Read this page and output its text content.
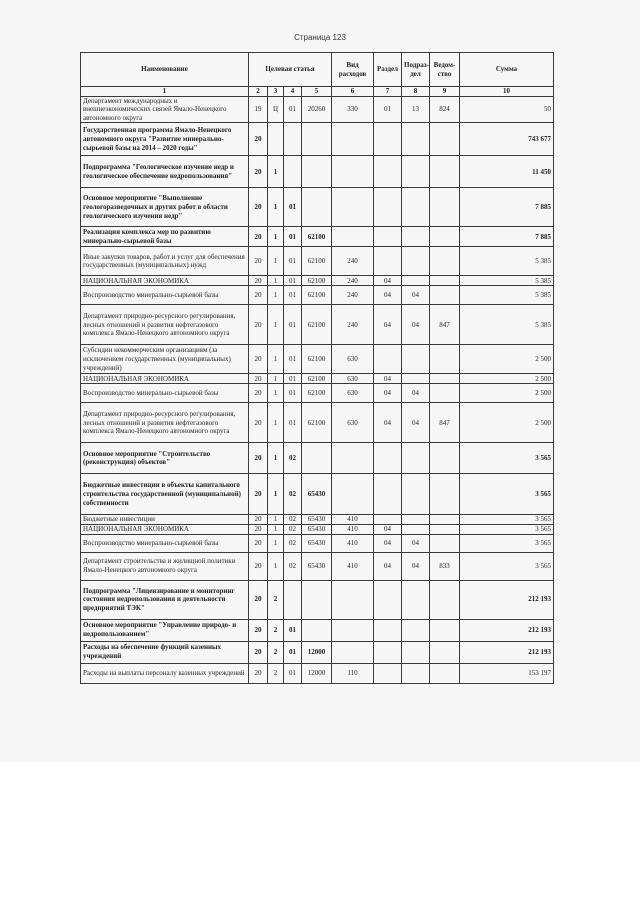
Страница 123
Наименование	Целевая статья				Вид расходов	Раздел	Подраз-дел	Ведом-ство	Сумма
1	2	3	4	5	6	7	8	9	10
Департамент международных и внешнеэкономических связей Ямало-Ненецкого автономного округа	19	Ц	01	20260	330	01	13	824	50
Государственная программа Ямало-Ненецкого автономного округа "Развитие минерально-сырьевой базы на 2014 – 2020 годы"	20								743 677
Подпрограмма "Геологическое изучение недр и геологическое обеспечение недропользования"	20	1							11 450
Основное мероприятие "Выполнение геологоразведочных и других работ в области геологического изучения недр"	20	1	01						7 885
Реализация комплекса мер по развитию минерально-сырьевой базы	20	1	01	62100					7 885
Иные закупки товаров, работ и услуг для обеспечения государственных (муниципальных) нужд	20	1	01	62100	240				5 385
НАЦИОНАЛЬНАЯ ЭКОНОМИКА	20	1	01	62100	240	04			5 385
Воспроизводство минерально-сырьевой базы	20	1	01	62100	240	04	04		5 385
Департамент природно-ресурсного регулирования, лесных отношений и развития нефтегазового комплекса Ямало-Ненецкого автономного округа	20	1	01	62100	240	04	04	847	5 385
Субсидии некоммерческим организациям (за исключением государственных (муниципальных) учреждений)	20	1	01	62100	630				2 500
НАЦИОНАЛЬНАЯ ЭКОНОМИКА	20	1	01	62100	630	04			2 500
Воспроизводство минерально-сырьевой базы	20	1	01	62100	630	04	04		2 500
Департамент природно-ресурсного регулирования, лесных отношений и развития нефтегазового комплекса Ямало-Ненецкого автономного округа	20	1	01	62100	630	04	04	847	2 500
Основное мероприятие "Строительство (реконструкция) объектов"	20	1	02						3 565
Бюджетные инвестиции в объекты капитального строительства государственной (муниципальной) собственности	20	1	02	65430					3 565
Бюджетные инвестиции	20	1	02	65430	410				3 565
НАЦИОНАЛЬНАЯ ЭКОНОМИКА	20	1	02	65430	410	04			3 565
Воспроизводство минерально-сырьевой базы	20	1	02	65430	410	04	04		3 565
Департамент строительства и жилищной политики Ямало-Ненецкого автономного округа	20	1	02	65430	410	04	04	833	3 565
Подпрограмма "Лицензирование и мониторинг состояния недропользования и деятельности предприятий ТЭК"	20	2							212 193
Основное мероприятие "Управление природо- и недропользованием"	20	2	01						212 193
Расходы на обеспечение функций казенных учреждений	20	2	01	12000					212 193
Расходы на выплаты персоналу казенных учреждений	20	2	01	12000	110				153 197
